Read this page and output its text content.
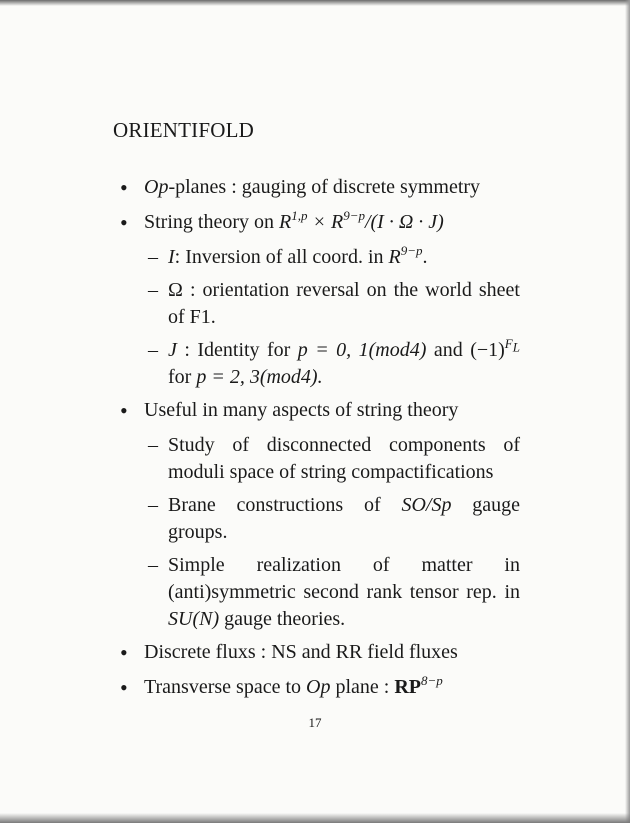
ORIENTIFOLD
• Op-planes : gauging of discrete symmetry
• String theory on $R^{1,p} \times R^{9-p}/(I \cdot \Omega \cdot J)$
– I: Inversion of all coord. in $R^{9-p}$.
– Ω : orientation reversal on the world sheet of F1.
– J : Identity for p = 0, 1(mod4) and $(-1)^{F_L}$ for p = 2, 3(mod4).
• Useful in many aspects of string theory
– Study of disconnected components of moduli space of string compactifications
– Brane constructions of SO/Sp gauge groups.
– Simple realization of matter in (anti)symmetric second rank tensor rep. in SU(N) gauge theories.
• Discrete fluxs : NS and RR field fluxes
• Transverse space to Op plane : $RP^{8-p}$
17
